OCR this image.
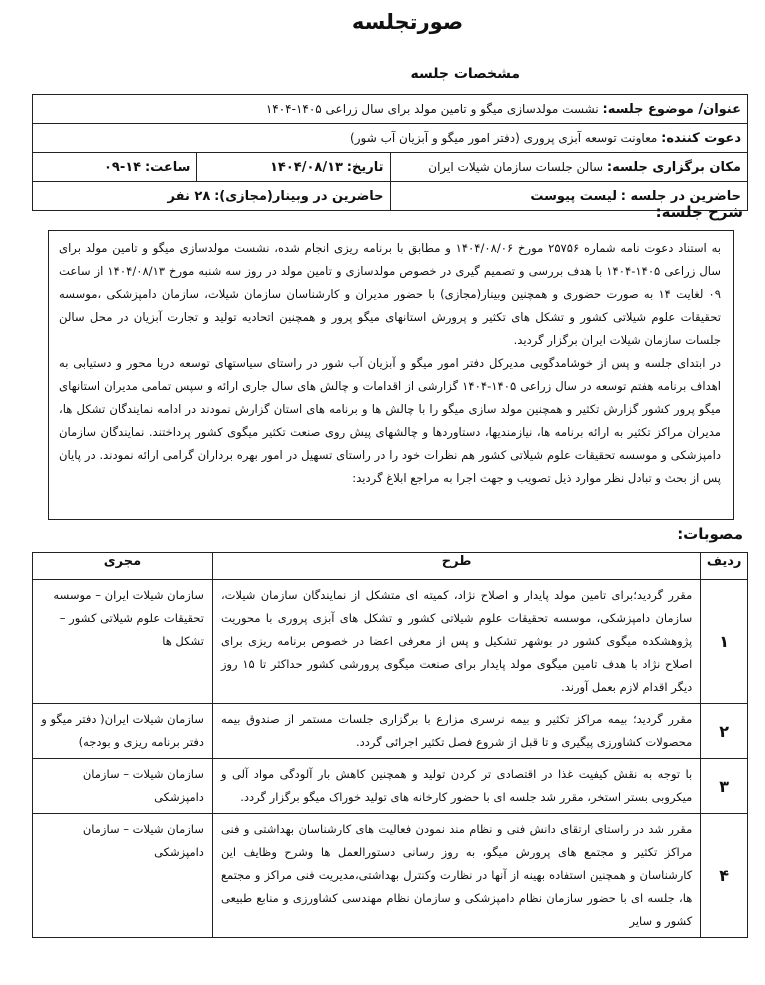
صورتجلسه
مشخصات جلسه
عنوان/ موضوع جلسه: نشست مولدسازی میگو و تامین مولد برای سال زراعی ۱۴۰۵-۱۴۰۴		
دعوت کننده: معاونت توسعه آبزی پروری (دفتر امور میگو و آبزیان آب شور)		
مکان برگزاری جلسه: سالن جلسات سازمان شیلات ایران	تاریخ: ۱۴۰۴/۰۸/۱۳	ساعت: ۱۴-۰۹
حاضرین در جلسه : لیست پیوست	حاضرین در وبینار(مجازی): ۲۸ نفر	
شرح جلسه:

به استناد دعوت نامه شماره ۲۵۷۵۶ مورخ ۱۴۰۴/۰۸/۰۶ و مطابق با برنامه ریزی انجام شده، نشست مولدسازی میگو و تامین مولد برای سال زراعی ۱۴۰۵-۱۴۰۴ با هدف بررسی و تصمیم گیری در خصوص مولدسازی و تامین مولد در روز سه شنبه مورخ ۱۴۰۴/۰۸/۱۳ از ساعت ۰۹ لغایت ۱۴ به صورت حضوری و همچنین وبینار(مجازی) با حضور مدیران و کارشناسان سازمان شیلات، سازمان دامپزشکی ،موسسه تحقیقات علوم شیلاتی کشور و تشکل های تکثیر و پرورش استانهای میگو پرور و همچنین اتحادیه تولید و تجارت آبزیان در محل سالن جلسات سازمان شیلات ایران برگزار گردید.

در ابتدای جلسه و پس از خوشامدگویی مدیرکل دفتر امور میگو و آبزیان آب شور در راستای سیاستهای توسعه دریا محور و دستیابی به اهداف برنامه هفتم توسعه در سال زراعی ۱۴۰۵-۱۴۰۴ گزارشی از اقدامات و چالش های سال جاری ارائه و سپس تمامی مدیران استانهای میگو پرور کشور گزارش تکثیر و همچنین مولد سازی میگو را با چالش ها و برنامه های استان گزارش نمودند در ادامه نمایندگان تشکل ها، مدیران مراکز تکثیر به ارائه برنامه ها، نیازمندیها، دستاوردها و چالشهای پیش روی صنعت تکثیر میگوی کشور پرداختند. نمایندگان سازمان دامپزشکی و موسسه تحقیقات علوم شیلاتی کشور هم نظرات خود را در راستای تسهیل در امور بهره برداران گرامی ارائه نمودند. در پایان پس از بحث و تبادل نظر موارد ذیل تصویب و جهت اجرا به مراجع ابلاغ گردید:

مصوبات:
ردیف	طرح	مجری
۱	مقرر گردید؛برای تامین مولد پایدار و اصلاح نژاد، کمیته ای متشکل از نمایندگان سازمان شیلات، سازمان دامپزشکی، موسسه تحقیقات علوم شیلاتی کشور و تشکل های آبزی پروری با محوریت پژوهشکده میگوی کشور در بوشهر تشکیل و پس از معرفی اعضا در خصوص برنامه ریزی برای اصلاح نژاد با هدف تامین میگوی مولد پایدار برای صنعت میگوی پرورشی کشور حداکثر تا ۱۵ روز دیگر اقدام لازم بعمل آورند.	سازمان شیلات ایران – موسسه تحقیقات علوم شیلاتی کشور – تشکل ها
۲	مقرر گردید؛ بیمه مراکز تکثیر و بیمه نرسری مزارع با برگزاری جلسات مستمر از صندوق بیمه محصولات کشاورزی پیگیری و تا قبل از شروع فصل تکثیر اجرائی گردد.	سازمان شیلات ایران( دفتر میگو و دفتر برنامه ریزی و بودجه)
۳	با توجه به نقش کیفیت غذا در اقتصادی تر کردن تولید و همچنین کاهش بار آلودگی مواد آلی و میکروبی بستر استخر، مقرر شد جلسه ای با حضور کارخانه های تولید خوراک میگو برگزار گردد.	سازمان شیلات – سازمان دامپزشکی
۴	مقرر شد در راستای ارتقای دانش فنی و نظام مند نمودن فعالیت های کارشناسان بهداشتی و فنی مراکز تکثیر و مجتمع های پرورش میگو، به روز رسانی دستورالعمل ها وشرح وظایف این کارشناسان و همچنین استفاده بهینه از آنها در نظارت وکنترل بهداشتی،مدیریت فنی مراکز و مجتمع ها، جلسه ای با حضور سازمان نظام دامپزشکی و سازمان نظام مهندسی کشاورزی و منابع طبیعی کشور و سایر	سازمان شیلات – سازمان دامپزشکی
